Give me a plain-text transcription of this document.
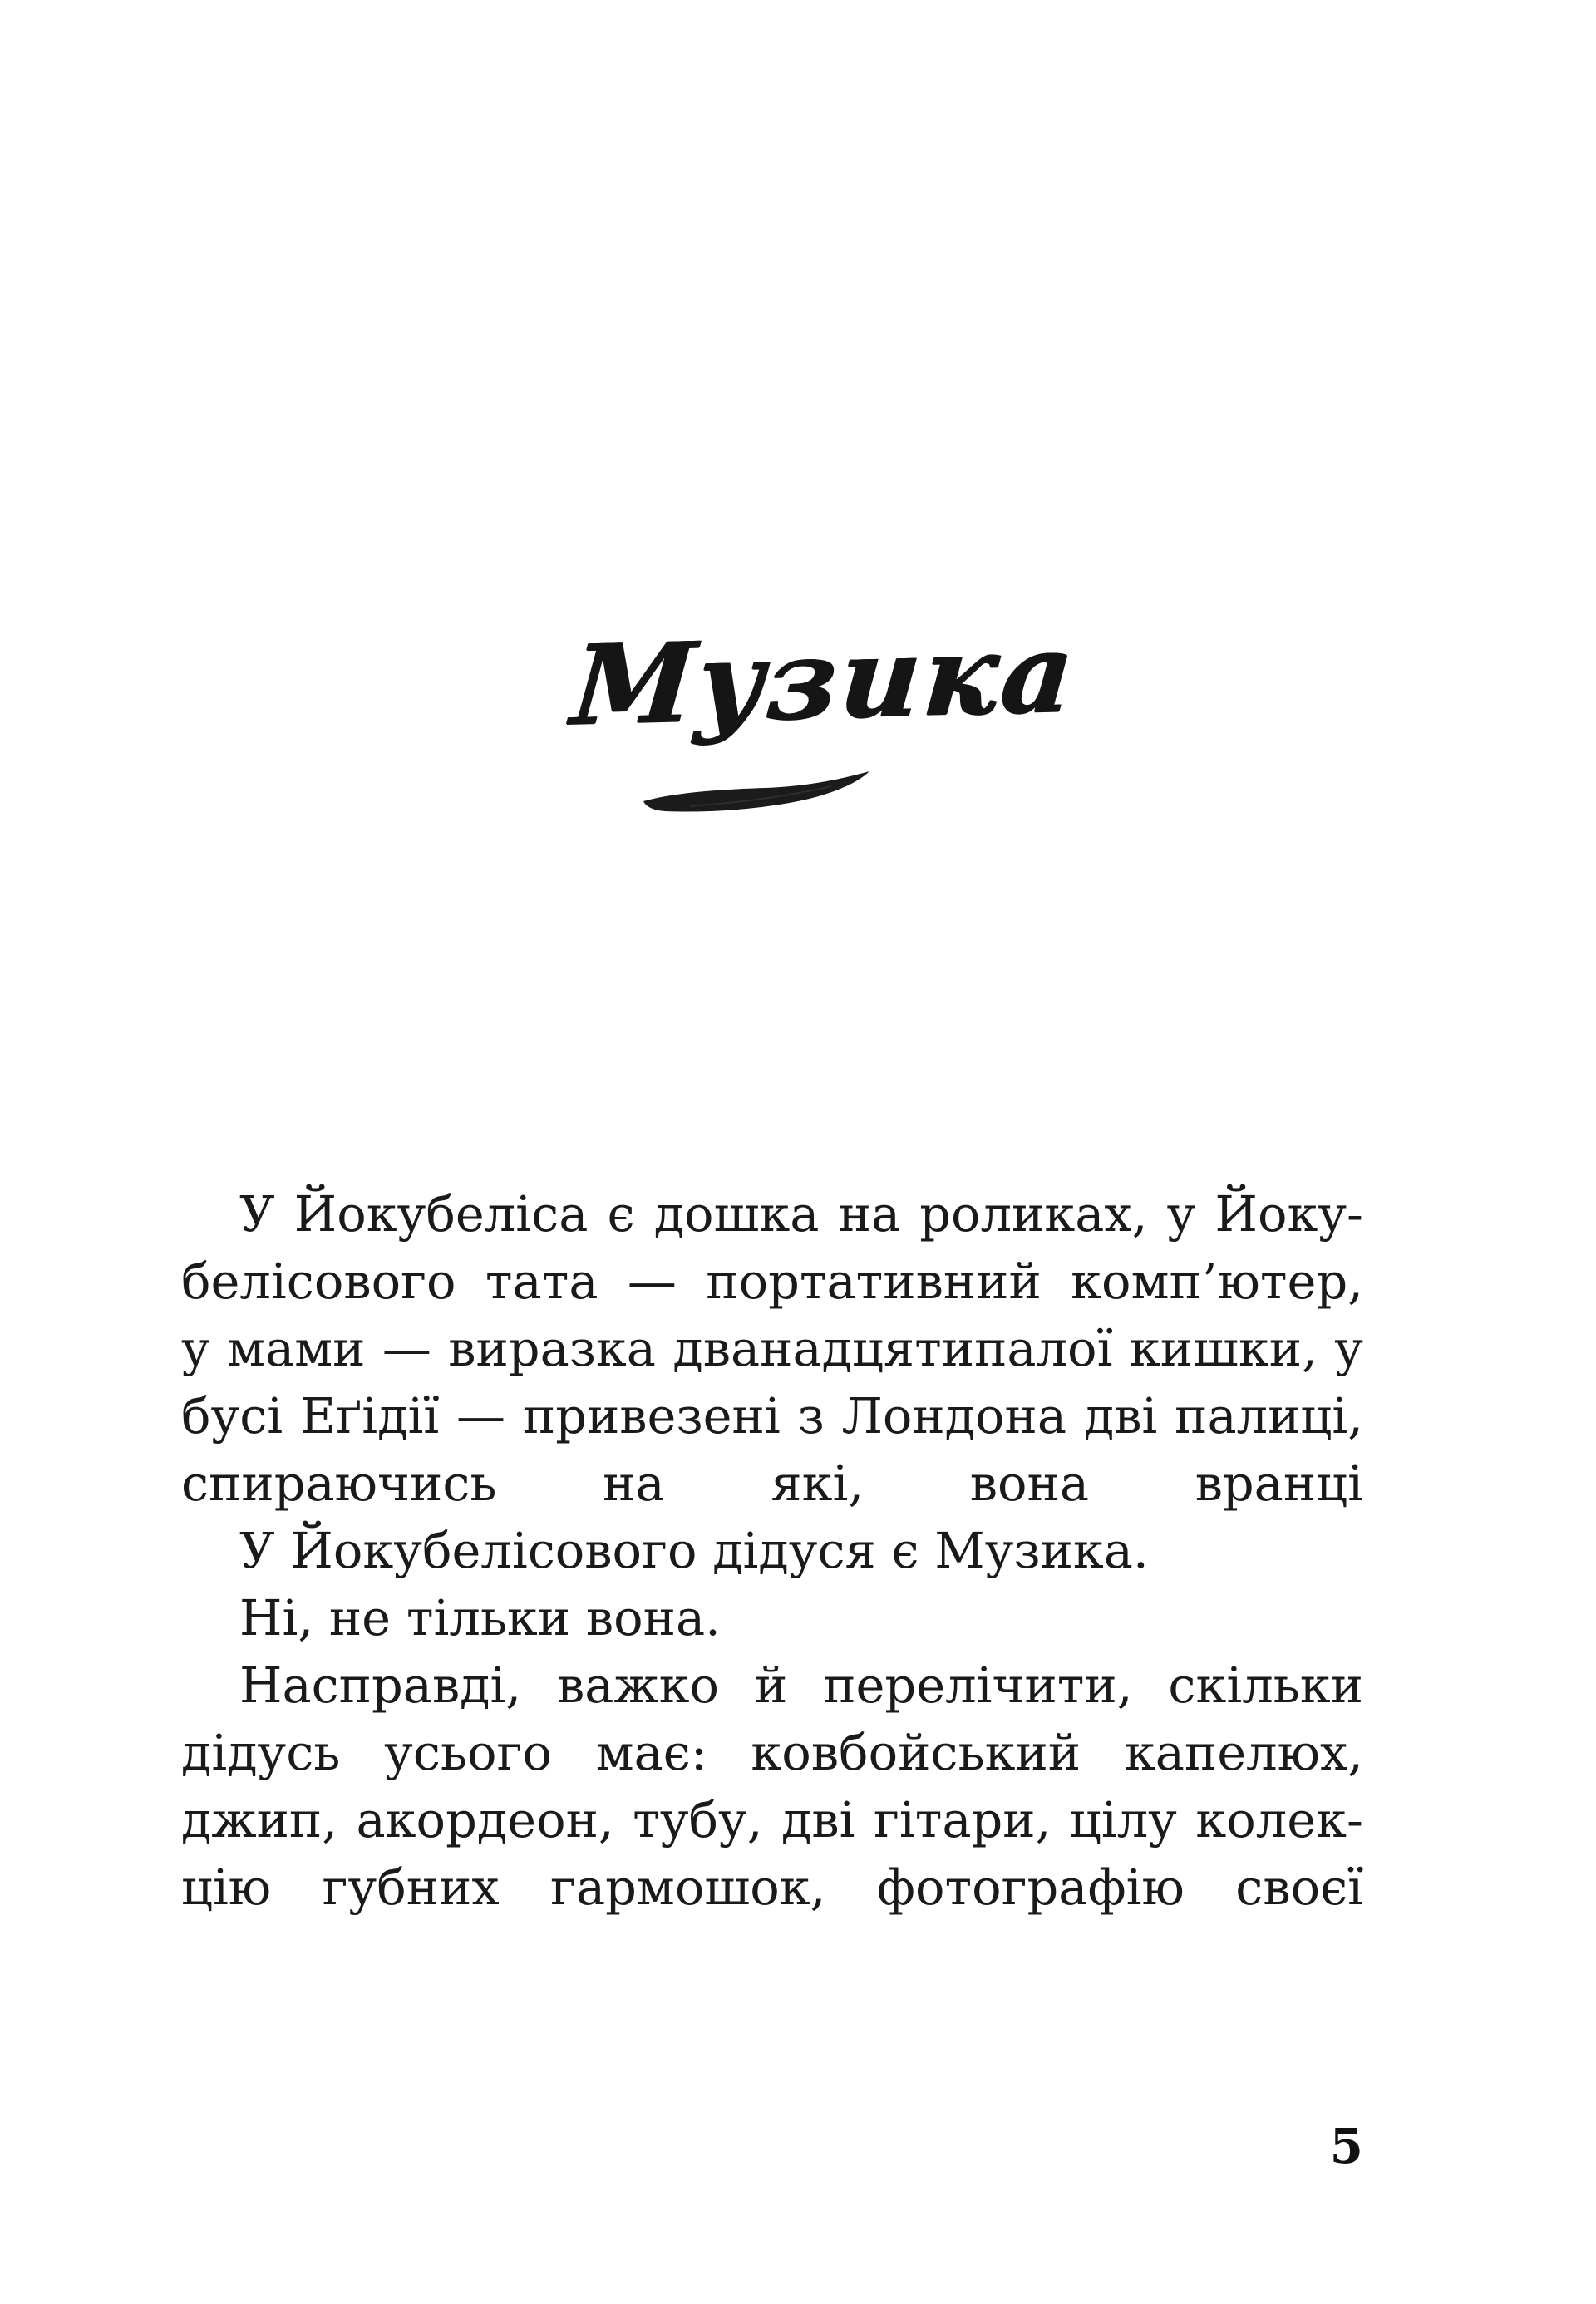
Музика
У Йокубеліса є дошка на роликах, у Йоку-
белісового тата — портативний комп’ютер,
у мами — виразка дванадцятипалої кишки, у
бусі Еґідії — привезені з Лондона дві палиці,
спираючись на які, вона вранці
У Йокубелісового дідуся є Музика.
Ні, не тільки вона.
Насправді, важко й перелічити, скільки
дідусь усього має: ковбойський капелюх,
джип, акордеон, тубу, дві гітари, цілу колек-
цію губних гармошок, фотографію своєї
5
